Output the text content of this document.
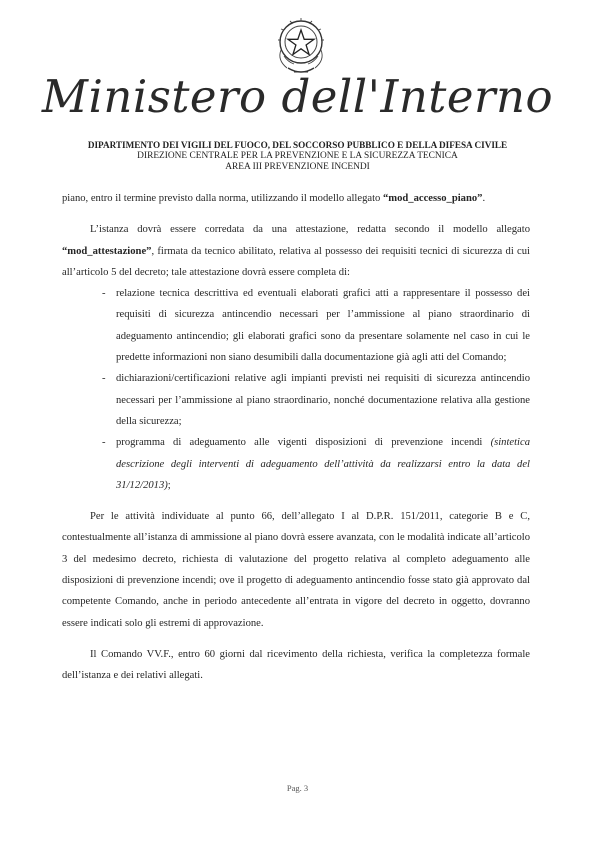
Ministero dell'Interno
DIPARTIMENTO DEI VIGILI DEL FUOCO, DEL SOCCORSO PUBBLICO E DELLA DIFESA CIVILE
DIREZIONE CENTRALE PER LA PREVENZIONE E LA SICUREZZA TECNICA
AREA III PREVENZIONE INCENDI

piano, entro il termine previsto dalla norma, utilizzando il modello allegato “mod_accesso_piano”.

L’istanza dovrà essere corredata da una attestazione, redatta secondo il modello allegato “mod_attestazione”, firmata da tecnico abilitato, relativa al possesso dei requisiti tecnici di sicurezza di cui all’articolo 5 del decreto; tale attestazione dovrà essere completa di:

- relazione tecnica descrittiva ed eventuali elaborati grafici atti a rappresentare il possesso dei requisiti di sicurezza antincendio necessari per l’ammissione al piano straordinario di adeguamento antincendio; gli elaborati grafici sono da presentare solamente nel caso in cui le predette informazioni non siano desumibili dalla documentazione già agli atti del Comando;
- dichiarazioni/certificazioni relative agli impianti previsti nei requisiti di sicurezza antincendio necessari per l’ammissione al piano straordinario, nonché documentazione relativa alla gestione della sicurezza;
- programma di adeguamento alle vigenti disposizioni di prevenzione incendi (sintetica descrizione degli interventi di adeguamento dell’attività da realizzarsi entro la data del 31/12/2013);

Per le attività individuate al punto 66, dell’allegato I al D.P.R. 151/2011, categorie B e C, contestualmente all’istanza di ammissione al piano dovrà essere avanzata, con le modalità indicate all’articolo 3 del medesimo decreto, richiesta di valutazione del progetto relativa al completo adeguamento alle disposizioni di prevenzione incendi; ove il progetto di adeguamento antincendio fosse stato già approvato dal competente Comando, anche in periodo antecedente all’entrata in vigore del decreto in oggetto, dovranno essere indicati solo gli estremi di approvazione.

Il Comando VV.F., entro 60 giorni dal ricevimento della richiesta, verifica la completezza formale dell’istanza e dei relativi allegati.

Pag. 3
